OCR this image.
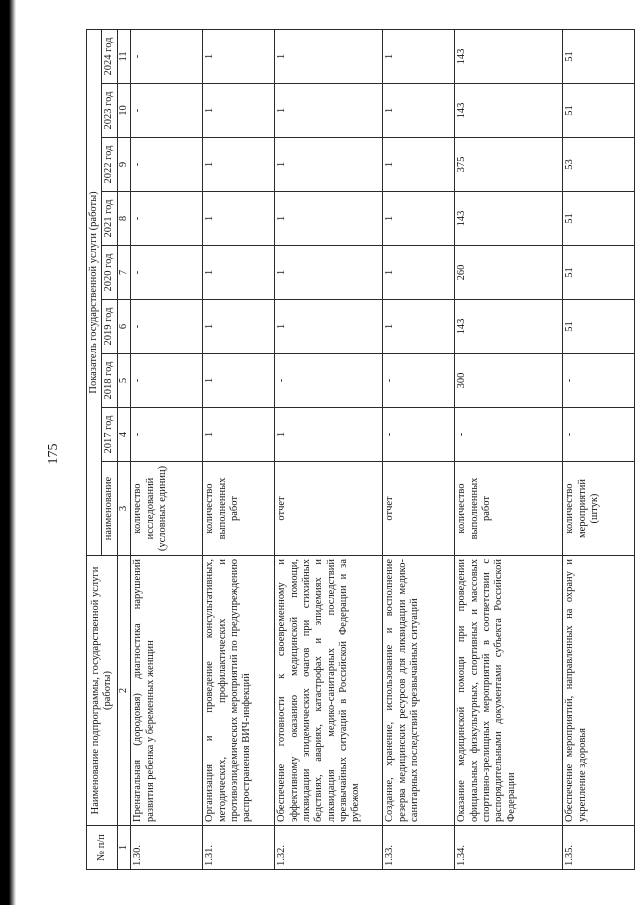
175
№ п/п	Наименование подпрограммы, государственной услуги (работы)	Показатель государственной услуги (работы)								
		наименование	2017 год	2018 год	2019 год	2020 год	2021 год	2022 год	2023 год	2024 год
1	2	3	4	5	6	7	8	9	10	11
1.30.	Пренатальная (дородовая) диагностика нарушений развития ребенка у беременных женщин	количество исследований (условных единиц)	-	-	-	-	-	-	-	-
1.31.	Организация и проведение консультативных, методических, профилактических и противоэпидемических мероприятий по предупреждению распространения ВИЧ-инфекций	количество выполненных работ	1	1	1	1	1	1	1	1
1.32.	Обеспечение готовности к своевременному и эффективному оказанию медицинской помощи, ликвидации эпидемических очагов при стихийных бедствиях, авариях, катастрофах и эпидемиях и ликвидация медико-санитарных последствий чрезвычайных ситуаций в Российской Федерации и за рубежом	отчет	1	-	1	1	1	1	1	1
1.33.	Создание, хранение, использование и восполнение резерва медицинских ресурсов для ликвидации медико-санитарных последствий чрезвычайных ситуаций	отчет	-	-	1	1	1	1	1	1
1.34.	Оказание медицинской помощи при проведении официальных физкультурных, спортивных и массовых спортивно-зрелищных мероприятий в соответствии с распорядительными документами субъекта Российской Федерации	количество выполненных работ	-	300	143	260	143	375	143	143
1.35.	Обеспечение мероприятий, направленных на охрану и укрепление здоровья	количество мероприятий (штук)	-	-	51	51	51	53	51	51
